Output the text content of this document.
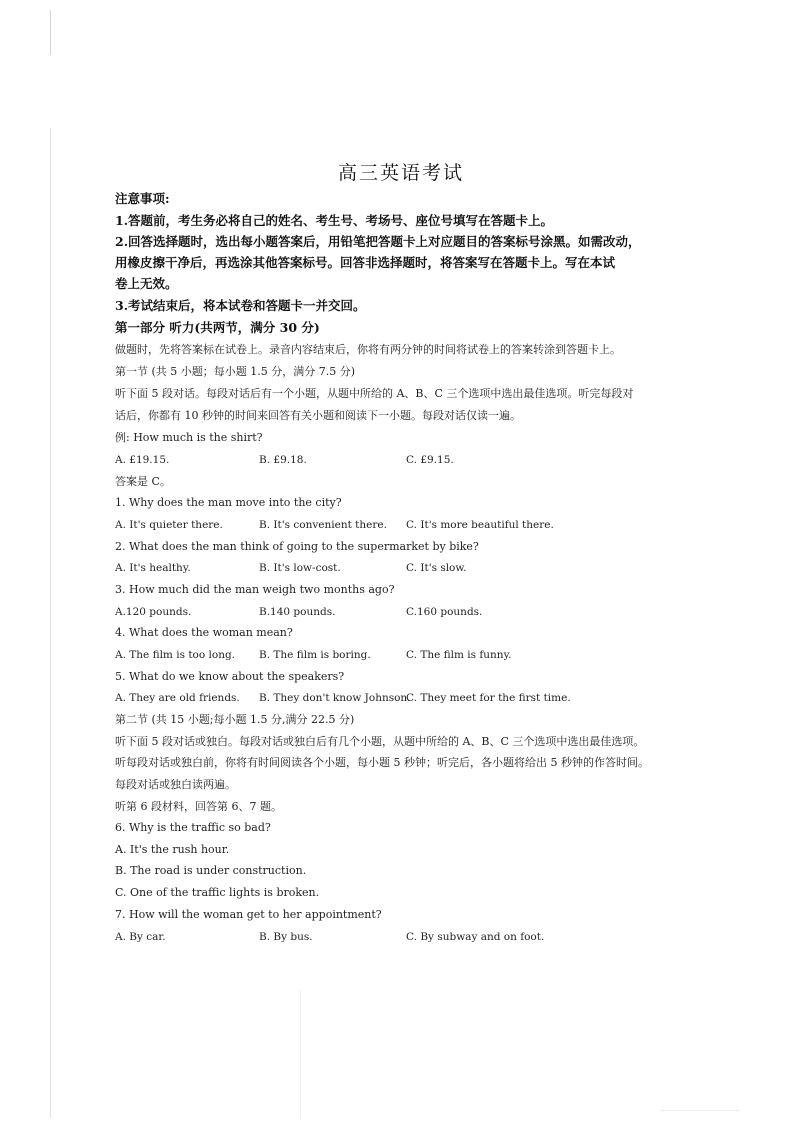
高三英语考试
注意事项:
1.答题前，考生务必将自己的姓名、考生号、考场号、座位号填写在答题卡上。
2.回答选择题时，选出每小题答案后，用铅笔把答题卡上对应题目的答案标号涂黑。如需改动，
用橡皮擦干净后，再选涂其他答案标号。回答非选择题时，将答案写在答题卡上。写在本试
卷上无效。
3.考试结束后，将本试卷和答题卡一并交回。
第一部分 听力(共两节，满分 30 分)
做题时，先将答案标在试卷上。录音内容结束后，你将有两分钟的时间将试卷上的答案转涂到答题卡上。
第一节 (共 5 小题；每小题 1.5 分，满分 7.5 分)
听下面 5 段对话。每段对话后有一个小题，从题中所给的 A、B、C 三个选项中选出最佳选项。听完每段对
话后，你都有 10 秒钟的时间来回答有关小题和阅读下一小题。每段对话仅读一遍。
例: How much is the shirt?
A. £19.15.	B. £9.18.	C. £9.15.
答案是 C。
1. Why does the man move into the city?
A. It's quieter there.	B. It's convenient there. C. It's more beautiful there.
2. What does the man think of going to the supermarket by bike?
A. It's healthy.	B. It's low-cost.	C. It's slow.
3. How much did the man weigh two months ago?
A.120 pounds.	B.140 pounds.	C.160 pounds.
4. What does the woman mean?
A. The film is too long. B. The film is boring.	C. The film is funny.
5. What do we know about the speakers?
A. They are old friends. B. They don't know Johnson.
C. They meet for the first time.
第二节 (共 15 小题;每小题 1.5 分,满分 22.5 分)
听下面 5 段对话或独白。每段对话或独白后有几个小题，从题中所给的 A、B、C 三个选项中选出最佳选项。
听每段对话或独白前，你将有时间阅读各个小题，每小题 5 秒钟；听完后，各小题将给出 5 秒钟的作答时间。
每段对话或独白读两遍。
听第 6 段材料，回答第 6、7 题。
6. Why is the traffic so bad?
A. It's the rush hour.
B. The road is under construction.
C. One of the traffic lights is broken.
7. How will the woman get to her appointment?
A. By car.	B. By bus.	C. By subway and on foot.
